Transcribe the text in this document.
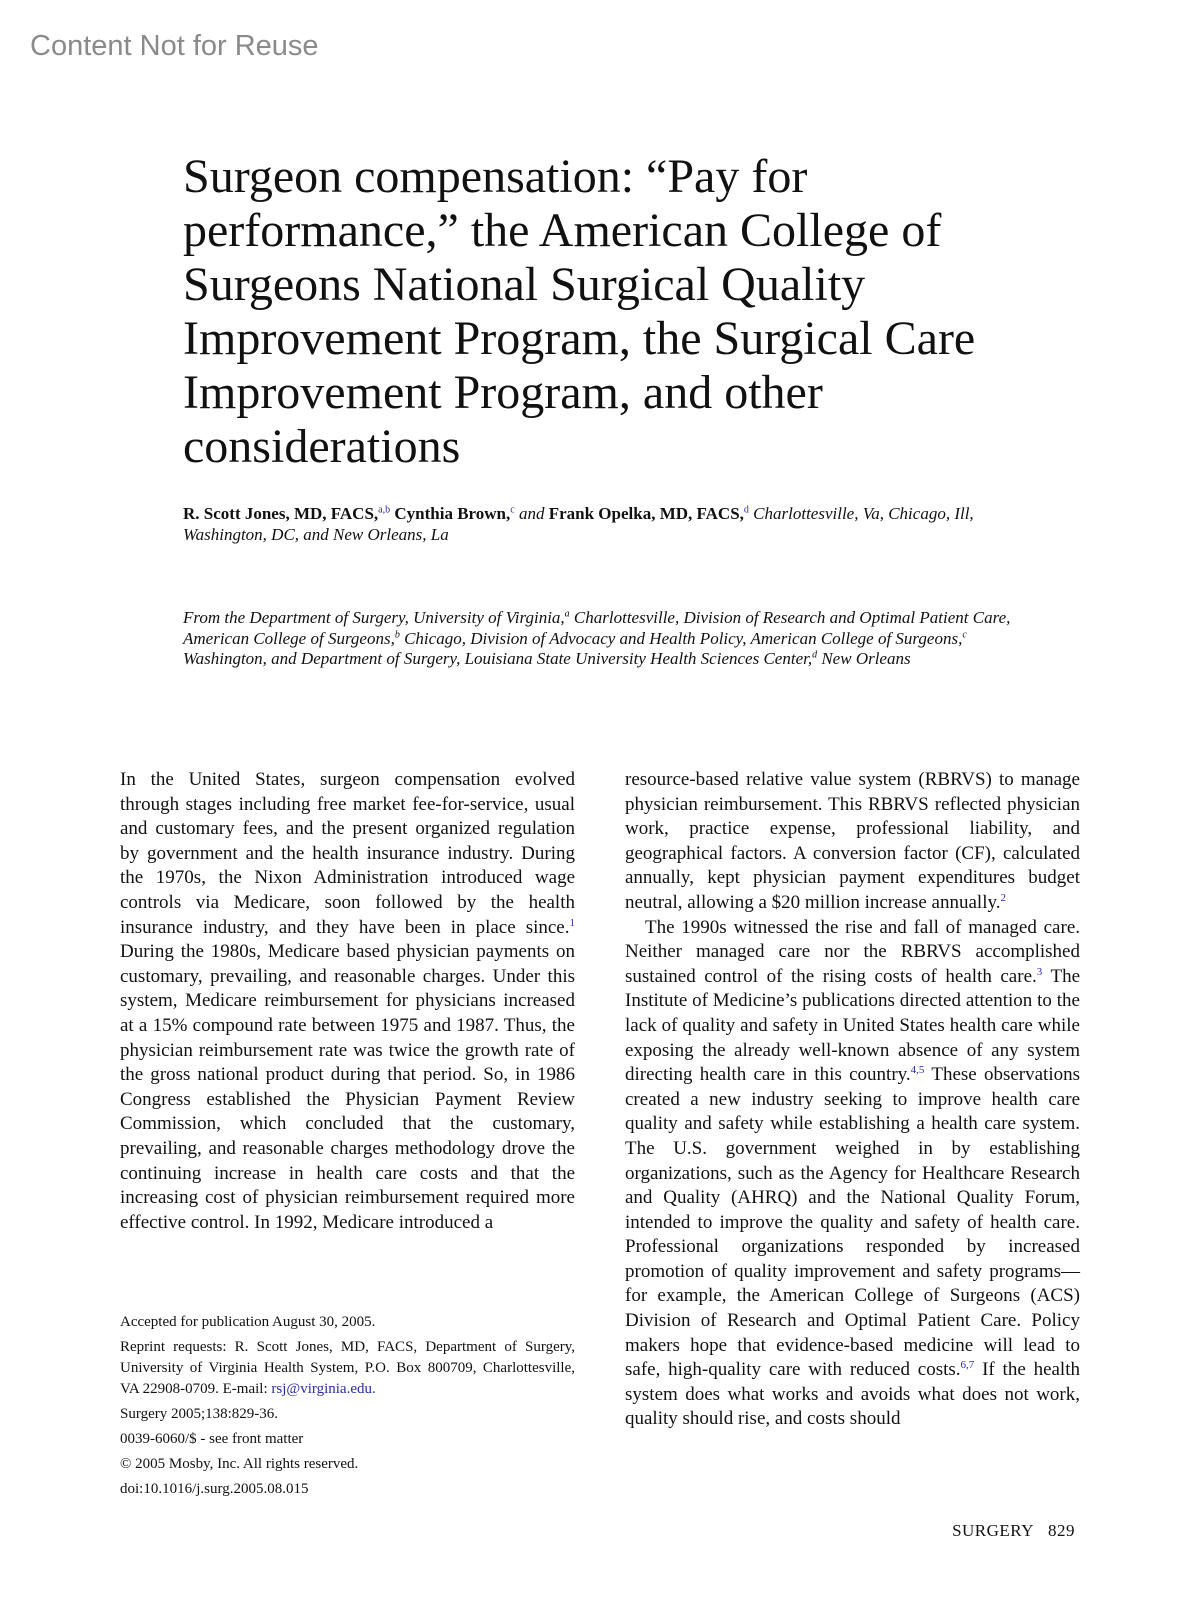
Content Not for Reuse
Surgeon compensation: “Pay for performance,” the American College of Surgeons National Surgical Quality Improvement Program, the Surgical Care Improvement Program, and other considerations
R. Scott Jones, MD, FACS,$^{a,b}$ Cynthia Brown,$^c$ and Frank Opelka, MD, FACS,$^d$ Charlottesville, Va, Chicago, Ill, Washington, DC, and New Orleans, La
From the Department of Surgery, University of Virginia,$^a$ Charlottesville, Division of Research and Optimal Patient Care, American College of Surgeons,$^b$ Chicago, Division of Advocacy and Health Policy, American College of Surgeons,$^c$ Washington, and Department of Surgery, Louisiana State University Health Sciences Center,$^d$ New Orleans

In the United States, surgeon compensation evolved through stages including free market fee-for-service, usual and customary fees, and the present organized regulation by government and the health insurance industry. During the 1970s, the Nixon Administration introduced wage controls via Medicare, soon followed by the health insurance industry, and they have been in place since.$^1$ During the 1980s, Medicare based physician payments on customary, prevailing, and reasonable charges. Under this system, Medicare reimbursement for physicians increased at a 15% compound rate between 1975 and 1987. Thus, the physician reimbursement rate was twice the growth rate of the gross national product during that period. So, in 1986 Congress established the Physician Payment Review Commission, which concluded that the customary, prevailing, and reasonable charges methodology drove the continuing increase in health care costs and that the increasing cost of physician reimbursement required more effective control. In 1992, Medicare introduced a

resource-based relative value system (RBRVS) to manage physician reimbursement. This RBRVS reflected physician work, practice expense, professional liability, and geographical factors. A conversion factor (CF), calculated annually, kept physician payment expenditures budget neutral, allowing a $20 million increase annually.$^2$

The 1990s witnessed the rise and fall of managed care. Neither managed care nor the RBRVS accomplished sustained control of the rising costs of health care.$^3$ The Institute of Medicine’s publications directed attention to the lack of quality and safety in United States health care while exposing the already well-known absence of any system directing health care in this country.$^{4,5}$ These observations created a new industry seeking to improve health care quality and safety while establishing a health care system. The U.S. government weighed in by establishing organizations, such as the Agency for Healthcare Research and Quality (AHRQ) and the National Quality Forum, intended to improve the quality and safety of health care. Professional organizations responded by increased promotion of quality improvement and safety programs—for example, the American College of Surgeons (ACS) Division of Research and Optimal Patient Care. Policy makers hope that evidence-based medicine will lead to safe, high-quality care with reduced costs.$^{6,7}$ If the health system does what works and avoids what does not work, quality should rise, and costs should

Accepted for publication August 30, 2005.

Reprint requests: R. Scott Jones, MD, FACS, Department of Surgery, University of Virginia Health System, P.O. Box 800709, Charlottesville, VA 22908-0709. E-mail: rsj@virginia.edu.

Surgery 2005;138:829-36.

0039-6060/$ - see front matter

© 2005 Mosby, Inc. All rights reserved.

doi:10.1016/j.surg.2005.08.015

SURGERY 829
